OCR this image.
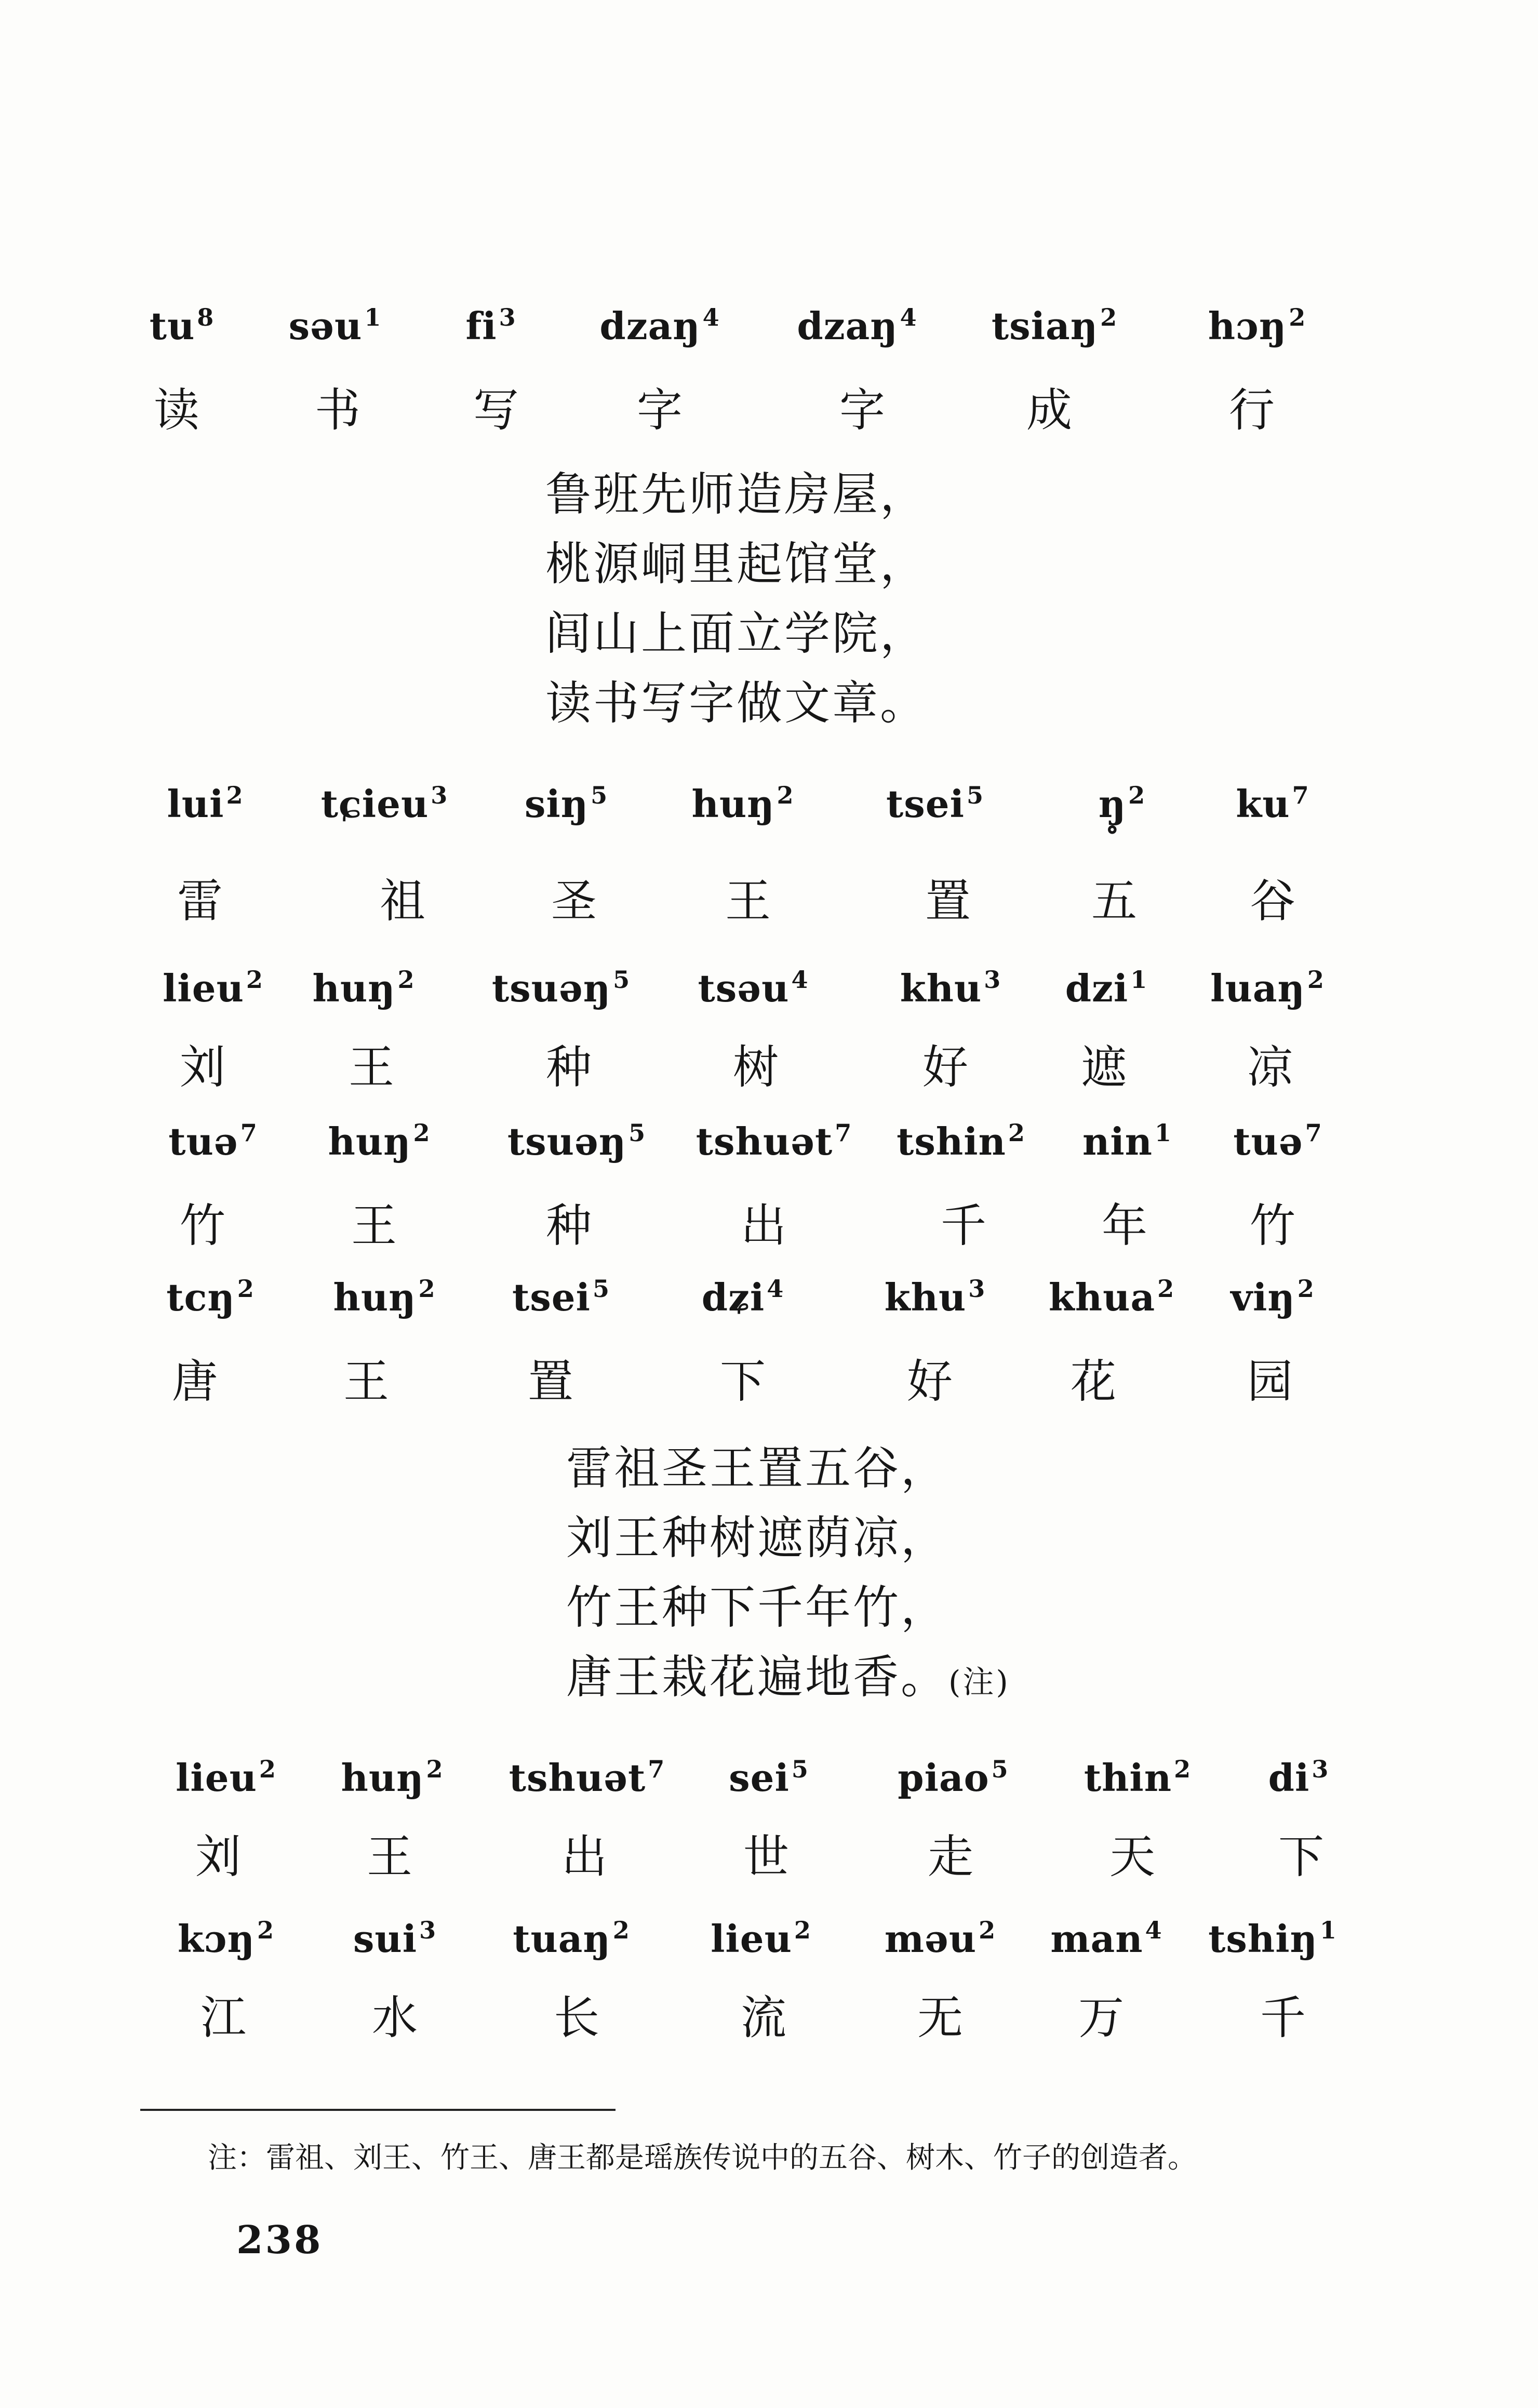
$tu^8$	səu$^1$	$fi^3$	dzaŋ$^4$	dzaŋ$^4$	tsiaŋ$^2$	hɔŋ$^2$
读	书	写	字	字	成	行
鲁班先师造房屋，
桃源峒里起馆堂，
闾山上面立学院，
读书写字做文章。
lui$^2$	tɕieu$^3$	siŋ$^5$	huŋ$^2$	tsei$^5$	ŋ̥$^2$	$ku^7$
雷	祖	圣	王	置	五	谷
lieu$^2$	huŋ$^2$	tsuəŋ$^5$	tsəu$^4$	khu$^3$	dzi$^1$	luaŋ$^2$
刘	王	种	树	好	遮	凉
tuə$^7$	huŋ$^2$	tsuəŋ$^5$	tshuət$^7$	tshin$^2$	nin$^1$	tuə$^7$
竹	王	种	出	千	年	竹
tcŋ$^2$	huŋ$^2$	tsei$^5$	dʑi$^4$	khu$^3$	khua$^2$	viŋ$^2$
唐	王	置	下	好	花	园
雷祖圣王置五谷，
刘王种树遮荫凉，
竹王种下千年竹，
唐王栽花遍地香。(注)
lieu$^2$	huŋ$^2$	tshuət$^7$	sei$^5$	piao$^5$	thin$^2$	$di^3$
刘	王	出	世	走	天	下
kɔŋ$^2$	sui$^3$	tuaŋ$^2$	lieu$^2$	məu$^2$	man$^4$	tshiŋ$^1$
江	水	长	流	无	万	千
注：雷祖、刘王、竹王、唐王都是瑶族传说中的五谷、树木、竹子的创造者。
238
